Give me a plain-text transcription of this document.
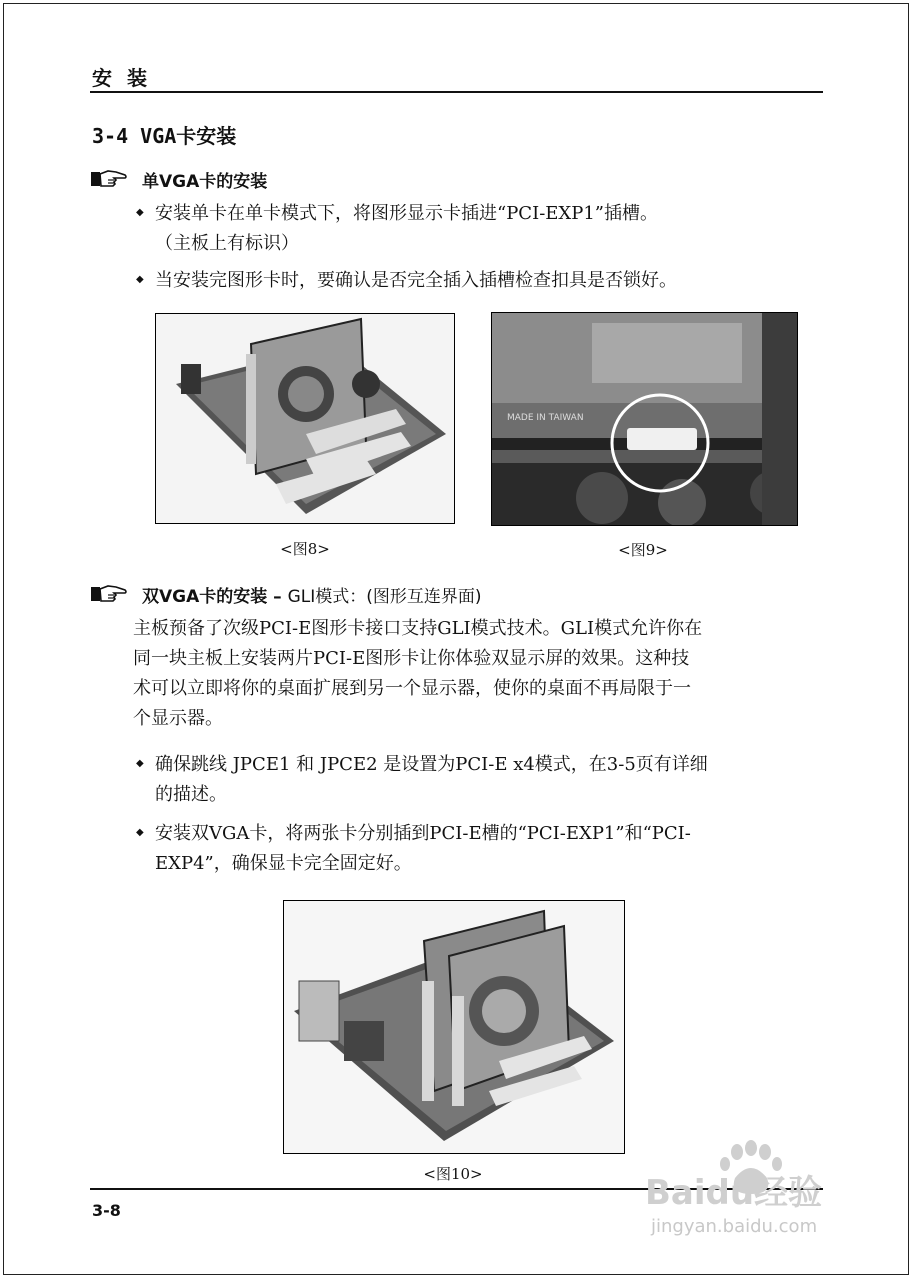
安 装
3-4 VGA卡安装
单VGA卡的安装
◆ 安装单卡在单卡模式下，将图形显示卡插进“PCI-EXP1”插槽。
（主板上有标识）
◆ 当安装完图形卡时，要确认是否完全插入插槽检查扣具是否锁好。
<图8>
MADE IN TAIWAN
<图9>
双VGA卡的安装 – GLI模式：(图形互连界面)
主板预备了次级PCI-E图形卡接口支持GLI模式技术。GLI模式允许你在
同一块主板上安装两片PCI-E图形卡让你体验双显示屏的效果。这种技
术可以立即将你的桌面扩展到另一个显示器，使你的桌面不再局限于一
个显示器。
◆ 确保跳线 JPCE1 和 JPCE2 是设置为PCI-E x4模式，在3-5页有详细
的描述。
◆ 安装双VGA卡，将两张卡分别插到PCI-E槽的“PCI-EXP1”和“PCI-
EXP4”，确保显卡完全固定好。
<图10>
3-8	Baidu经验
jingyan.baidu.com
